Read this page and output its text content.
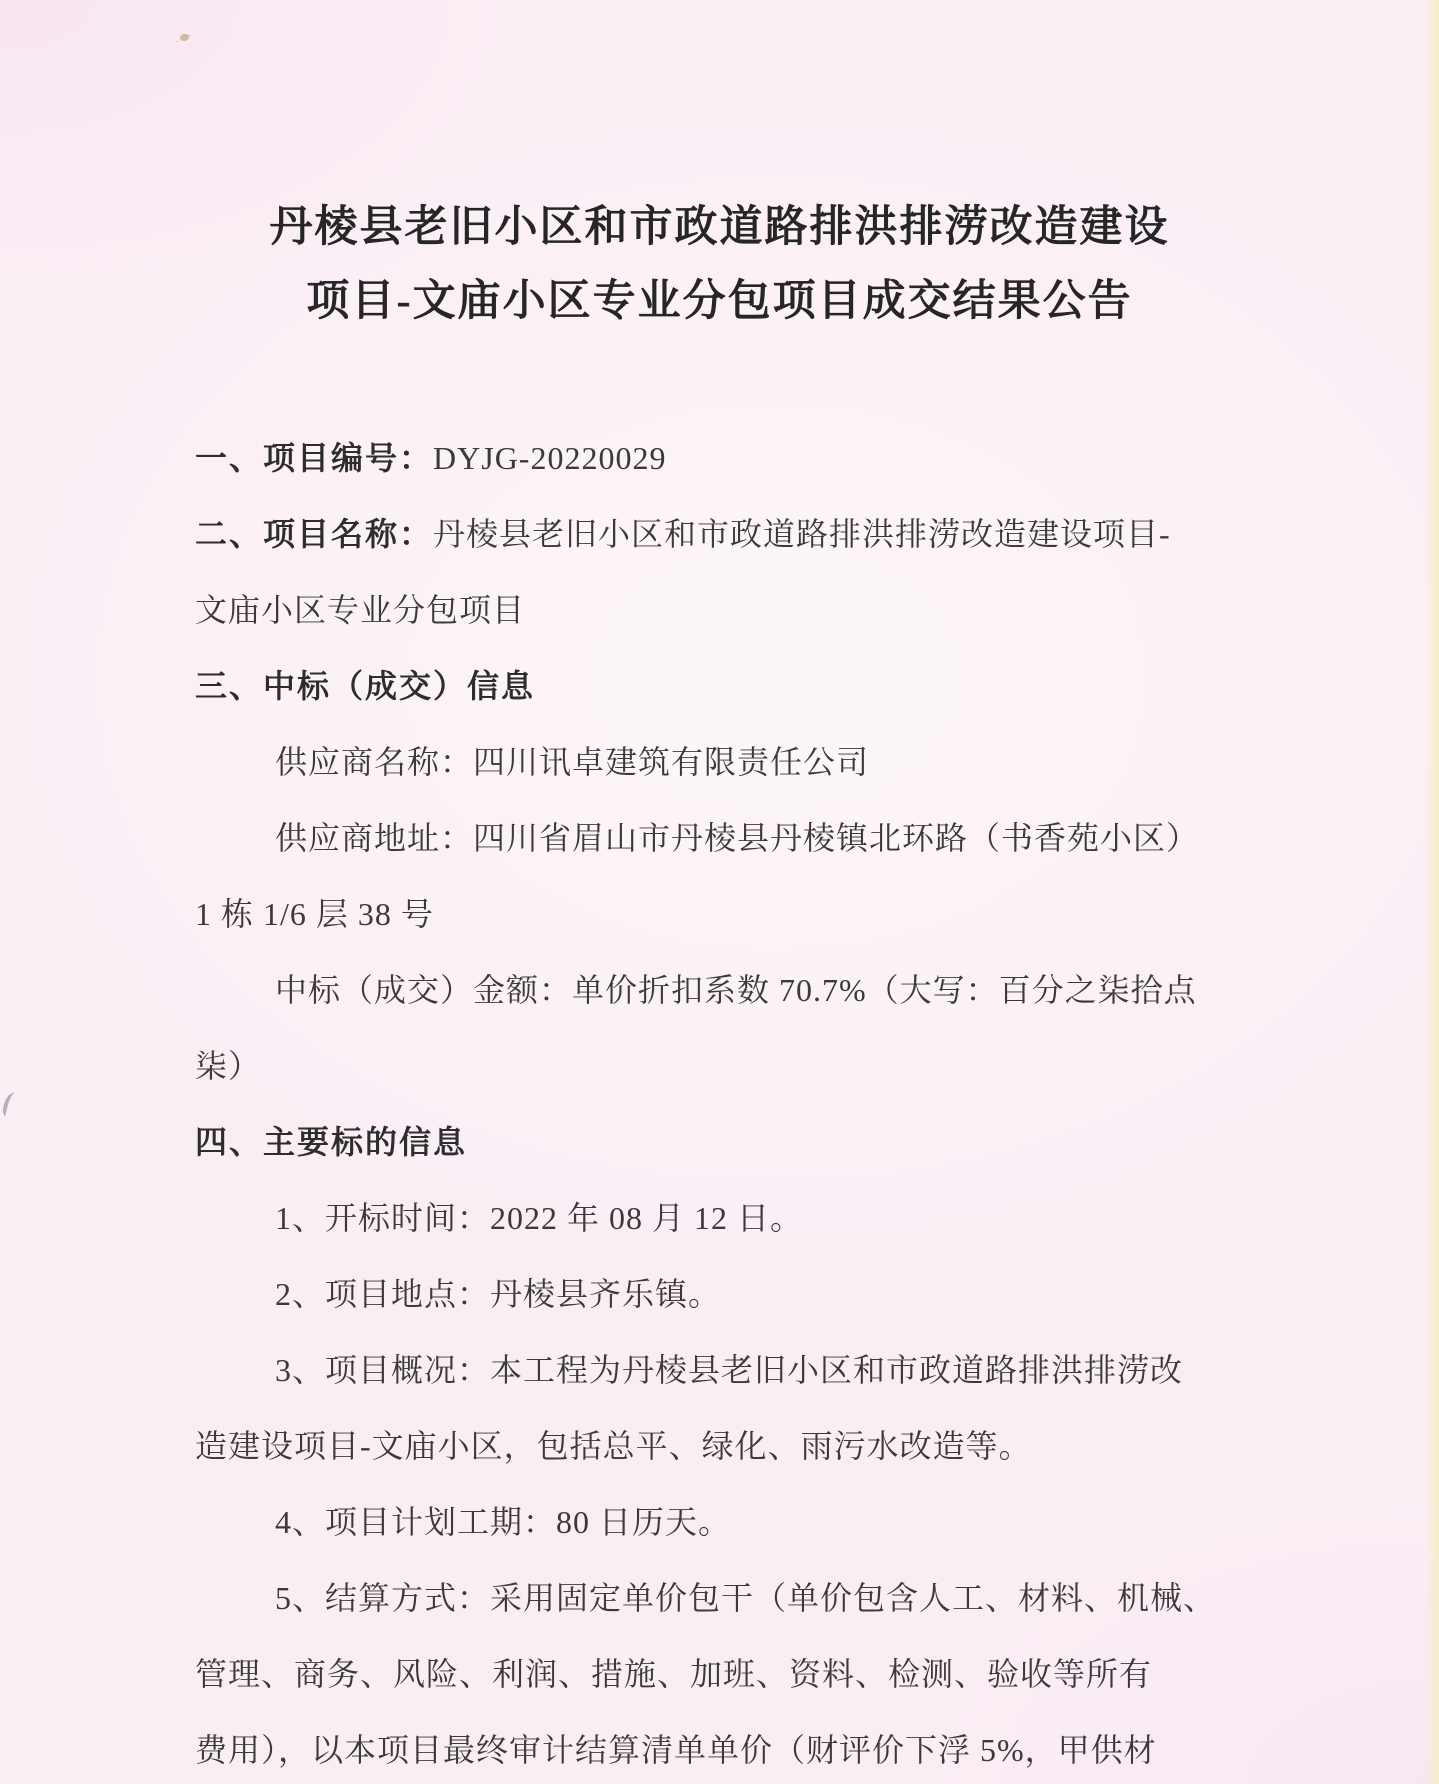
丹棱县老旧小区和市政道路排洪排涝改造建设
项目-文庙小区专业分包项目成交结果公告

一、项目编号：DYJG-20220029

二、项目名称：丹棱县老旧小区和市政道路排洪排涝改造建设项目-

文庙小区专业分包项目

三、中标（成交）信息

供应商名称：四川讯卓建筑有限责任公司

供应商地址：四川省眉山市丹棱县丹棱镇北环路（书香苑小区）

1 栋 1/6 层 38 号

中标（成交）金额：单价折扣系数 70.7%（大写：百分之柒拾点

柒）

四、主要标的信息

1、开标时间：2022 年 08 月 12 日。

2、项目地点：丹棱县齐乐镇。

3、项目概况：本工程为丹棱县老旧小区和市政道路排洪排涝改

造建设项目-文庙小区，包括总平、绿化、雨污水改造等。

4、项目计划工期：80 日历天。

5、结算方式：采用固定单价包干（单价包含人工、材料、机械、

管理、商务、风险、利润、措施、加班、资料、检测、验收等所有

费用），以本项目最终审计结算清单单价（财评价下浮 5%，甲供材
